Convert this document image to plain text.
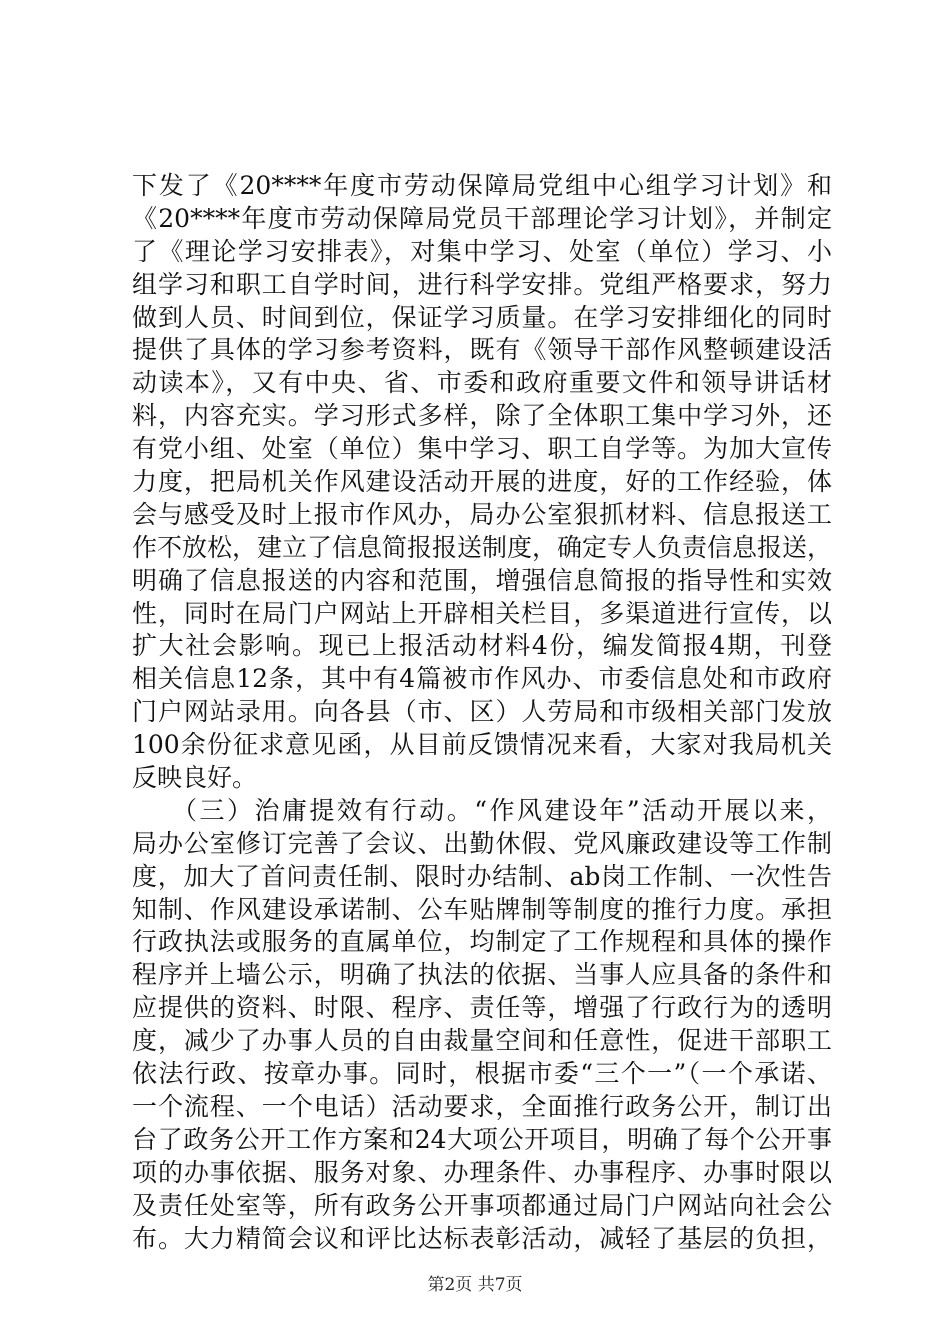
下发了《20****年度市劳动保障局党组中心组学习计划》和
《20****年度市劳动保障局党员干部理论学习计划》，并制定
了《理论学习安排表》，对集中学习、处室（单位）学习、小
组学习和职工自学时间，进行科学安排。党组严格要求，努力
做到人员、时间到位，保证学习质量。在学习安排细化的同时
提供了具体的学习参考资料，既有《领导干部作风整顿建设活
动读本》，又有中央、省、市委和政府重要文件和领导讲话材
料，内容充实。学习形式多样，除了全体职工集中学习外，还
有党小组、处室（单位）集中学习、职工自学等。为加大宣传
力度，把局机关作风建设活动开展的进度，好的工作经验，体
会与感受及时上报市作风办，局办公室狠抓材料、信息报送工
作不放松，建立了信息简报报送制度，确定专人负责信息报送，
明确了信息报送的内容和范围，增强信息简报的指导性和实效
性，同时在局门户网站上开辟相关栏目，多渠道进行宣传，以
扩大社会影响。现已上报活动材料4份，编发简报4期，刊登
相关信息12条，其中有4篇被市作风办、市委信息处和市政府
门户网站录用。向各县（市、区）人劳局和市级相关部门发放
100余份征求意见函，从目前反馈情况来看，大家对我局机关
反映良好。
（三）治庸提效有行动。“作风建设年”活动开展以来，
局办公室修订完善了会议、出勤休假、党风廉政建设等工作制
度，加大了首问责任制、限时办结制、ab岗工作制、一次性告
知制、作风建设承诺制、公车贴牌制等制度的推行力度。承担
行政执法或服务的直属单位，均制定了工作规程和具体的操作
程序并上墙公示，明确了执法的依据、当事人应具备的条件和
应提供的资料、时限、程序、责任等，增强了行政行为的透明
度，减少了办事人员的自由裁量空间和任意性，促进干部职工
依法行政、按章办事。同时，根据市委“三个一”（一个承诺、
一个流程、一个电话）活动要求，全面推行政务公开，制订出
台了政务公开工作方案和24大项公开项目，明确了每个公开事
项的办事依据、服务对象、办理条件、办事程序、办事时限以
及责任处室等，所有政务公开事项都通过局门户网站向社会公
布。大力精简会议和评比达标表彰活动，减轻了基层的负担，
第2页 共7页
